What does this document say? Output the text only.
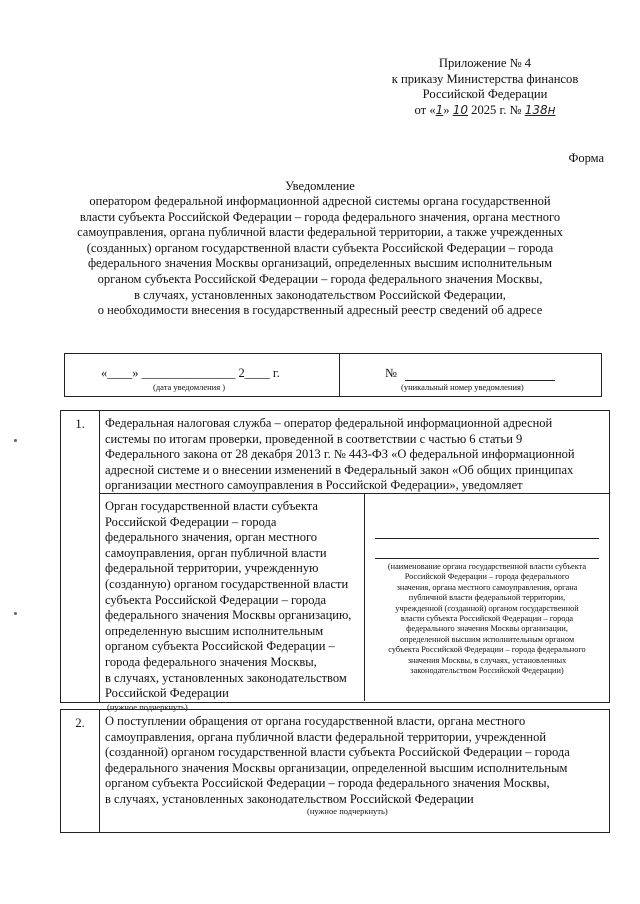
Приложение № 4
к приказу Министерства финансов
Российской Федерации
от «1» 10 2025 г. № 138н
Форма
Уведомление
оператором федеральной информационной адресной системы органа государственной
власти субъекта Российской Федерации – города федерального значения, органа местного
самоуправления, органа публичной власти федеральной территории, а также учрежденных
(созданных) органом государственной власти субъекта Российской Федерации – города
федерального значения Москвы организаций, определенных высшим исполнительным
органом субъекта Российской Федерации – города федерального значения Москвы,
в случаях, установленных законодательством Российской Федерации,
о необходимости внесения в государственный адресный реестр сведений об адресе
«____» _______________ 2____ г.
(дата уведомления )
№
(уникальный номер уведомления)
1.	Федеральная налоговая служба – оператор федеральной информационной адресной
системы по итогам проверки, проведенной в соответствии с частью 6 статьи 9
Федерального закона от 28 декабря 2013 г. № 443-ФЗ «О федеральной информационной
адресной системе и о внесении изменений в Федеральный закон «Об общих принципах
организации местного самоуправления в Российской Федерации», уведомляет
Орган государственной власти субъекта
Российской Федерации – города
федерального значения, орган местного
самоуправления, орган публичной власти
федеральной территории, учрежденную
(созданную) органом государственной власти
субъекта Российской Федерации – города
федерального значения Москвы организацию,
определенную высшим исполнительным
органом субъекта Российской Федерации –
города федерального значения Москвы,
в случаях, установленных законодательством
Российской Федерации
(нужное подчеркнуть)
(наименование органа государственной власти субъекта
Российской Федерации – города федерального
значения, органа местного самоуправления, органа
публичной власти федеральной территории,
учрежденной (созданной) органом государственной
власти субъекта Российской Федерации – города
федерального значения Москвы организации,
определенной высшим исполнительным органом
субъекта Российской Федерации – города федерального
значения Москвы, в случаях, установленных
законодательством Российской Федерации)
2.	О поступлении обращения от органа государственной власти, органа местного
самоуправления, органа публичной власти федеральной территории, учрежденной
(созданной) органом государственной власти субъекта Российской Федерации – города
федерального значения Москвы организации, определенной высшим исполнительным
органом субъекта Российской Федерации – города федерального значения Москвы,
в случаях, установленных законодательством Российской Федерации
(нужное подчеркнуть)
